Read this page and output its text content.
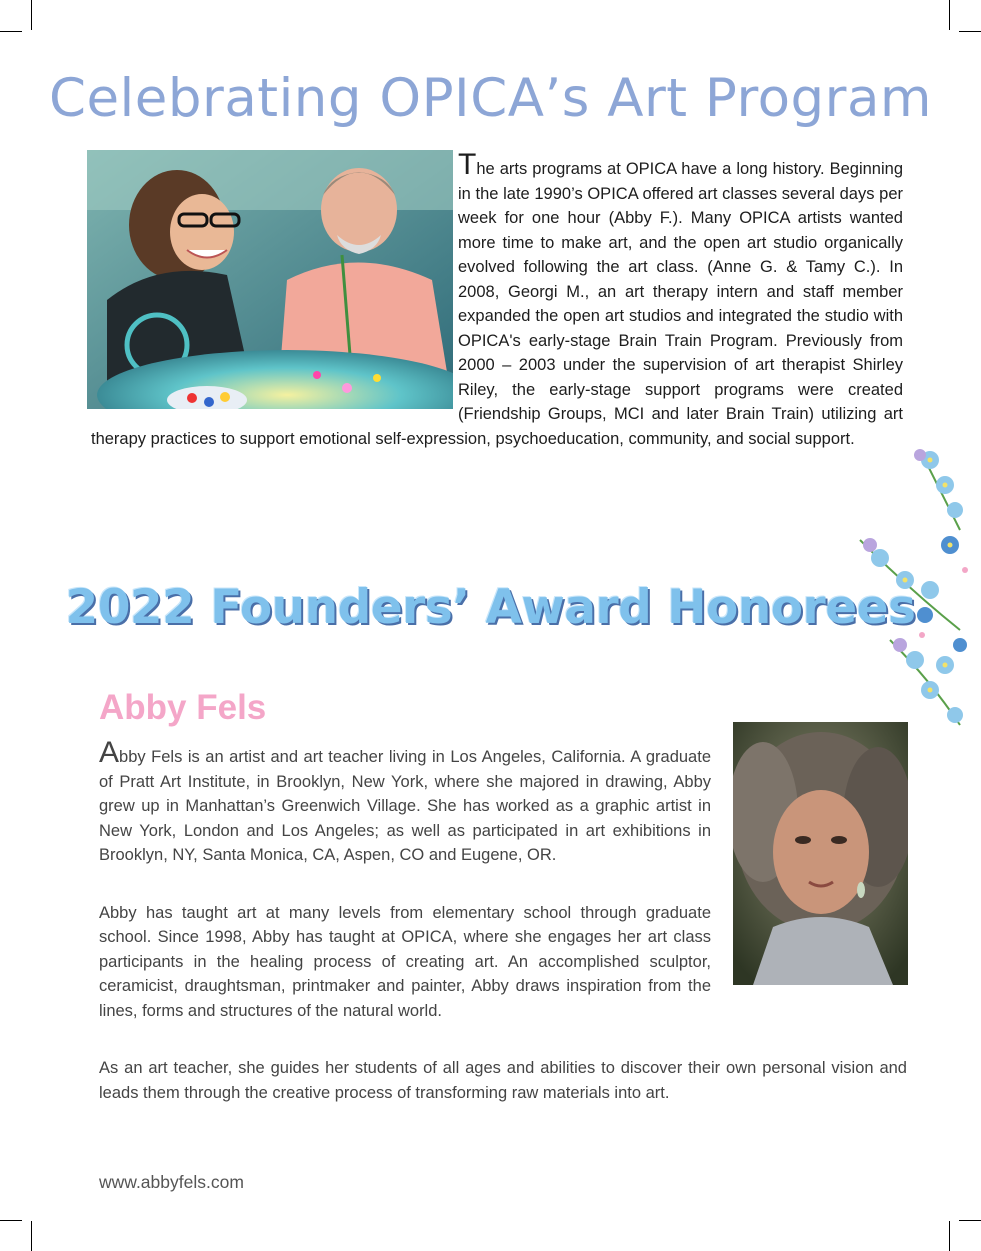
Celebrating OPICA’s Art Program
The arts programs at OPICA have a long history. Beginning in the late 1990’s OPICA offered art classes several days per week for one hour (Abby F.). Many OPICA artists wanted more time to make art, and the open art studio organically evolved following the art class. (Anne G. & Tamy C.). In 2008, Georgi M., an art therapy intern and staff member expanded the open art studios and integrated the studio with OPICA's early-stage Brain Train Program. Previously from 2000 – 2003 under the supervision of art therapist Shirley Riley, the early-stage support programs were created (Friendship Groups, MCI and later Brain Train) utilizing art therapy practices to support emotional self-expression, psychoeducation, community, and social support.
2022 Founders’ Award Honorees
Abby Fels

Abby Fels is an artist and art teacher living in Los Angeles, California. A graduate of Pratt Art Institute, in Brooklyn, New York, where she majored in drawing, Abby grew up in Manhattan’s Greenwich Village. She has worked as a graphic artist in New York, London and Los Angeles; as well as participated in art exhibitions in Brooklyn, NY, Santa Monica, CA, Aspen, CO and Eugene, OR.

Abby has taught art at many levels from elementary school through graduate school. Since 1998, Abby has taught at OPICA, where she engages her art class participants in the healing process of creating art. An accomplished sculptor, ceramicist, draughtsman, printmaker and painter, Abby draws inspiration from the lines, forms and structures of the natural world.

As an art teacher, she guides her students of all ages and abilities to discover their own personal vision and leads them through the creative process of transforming raw materials into art.

www.abbyfels.com
